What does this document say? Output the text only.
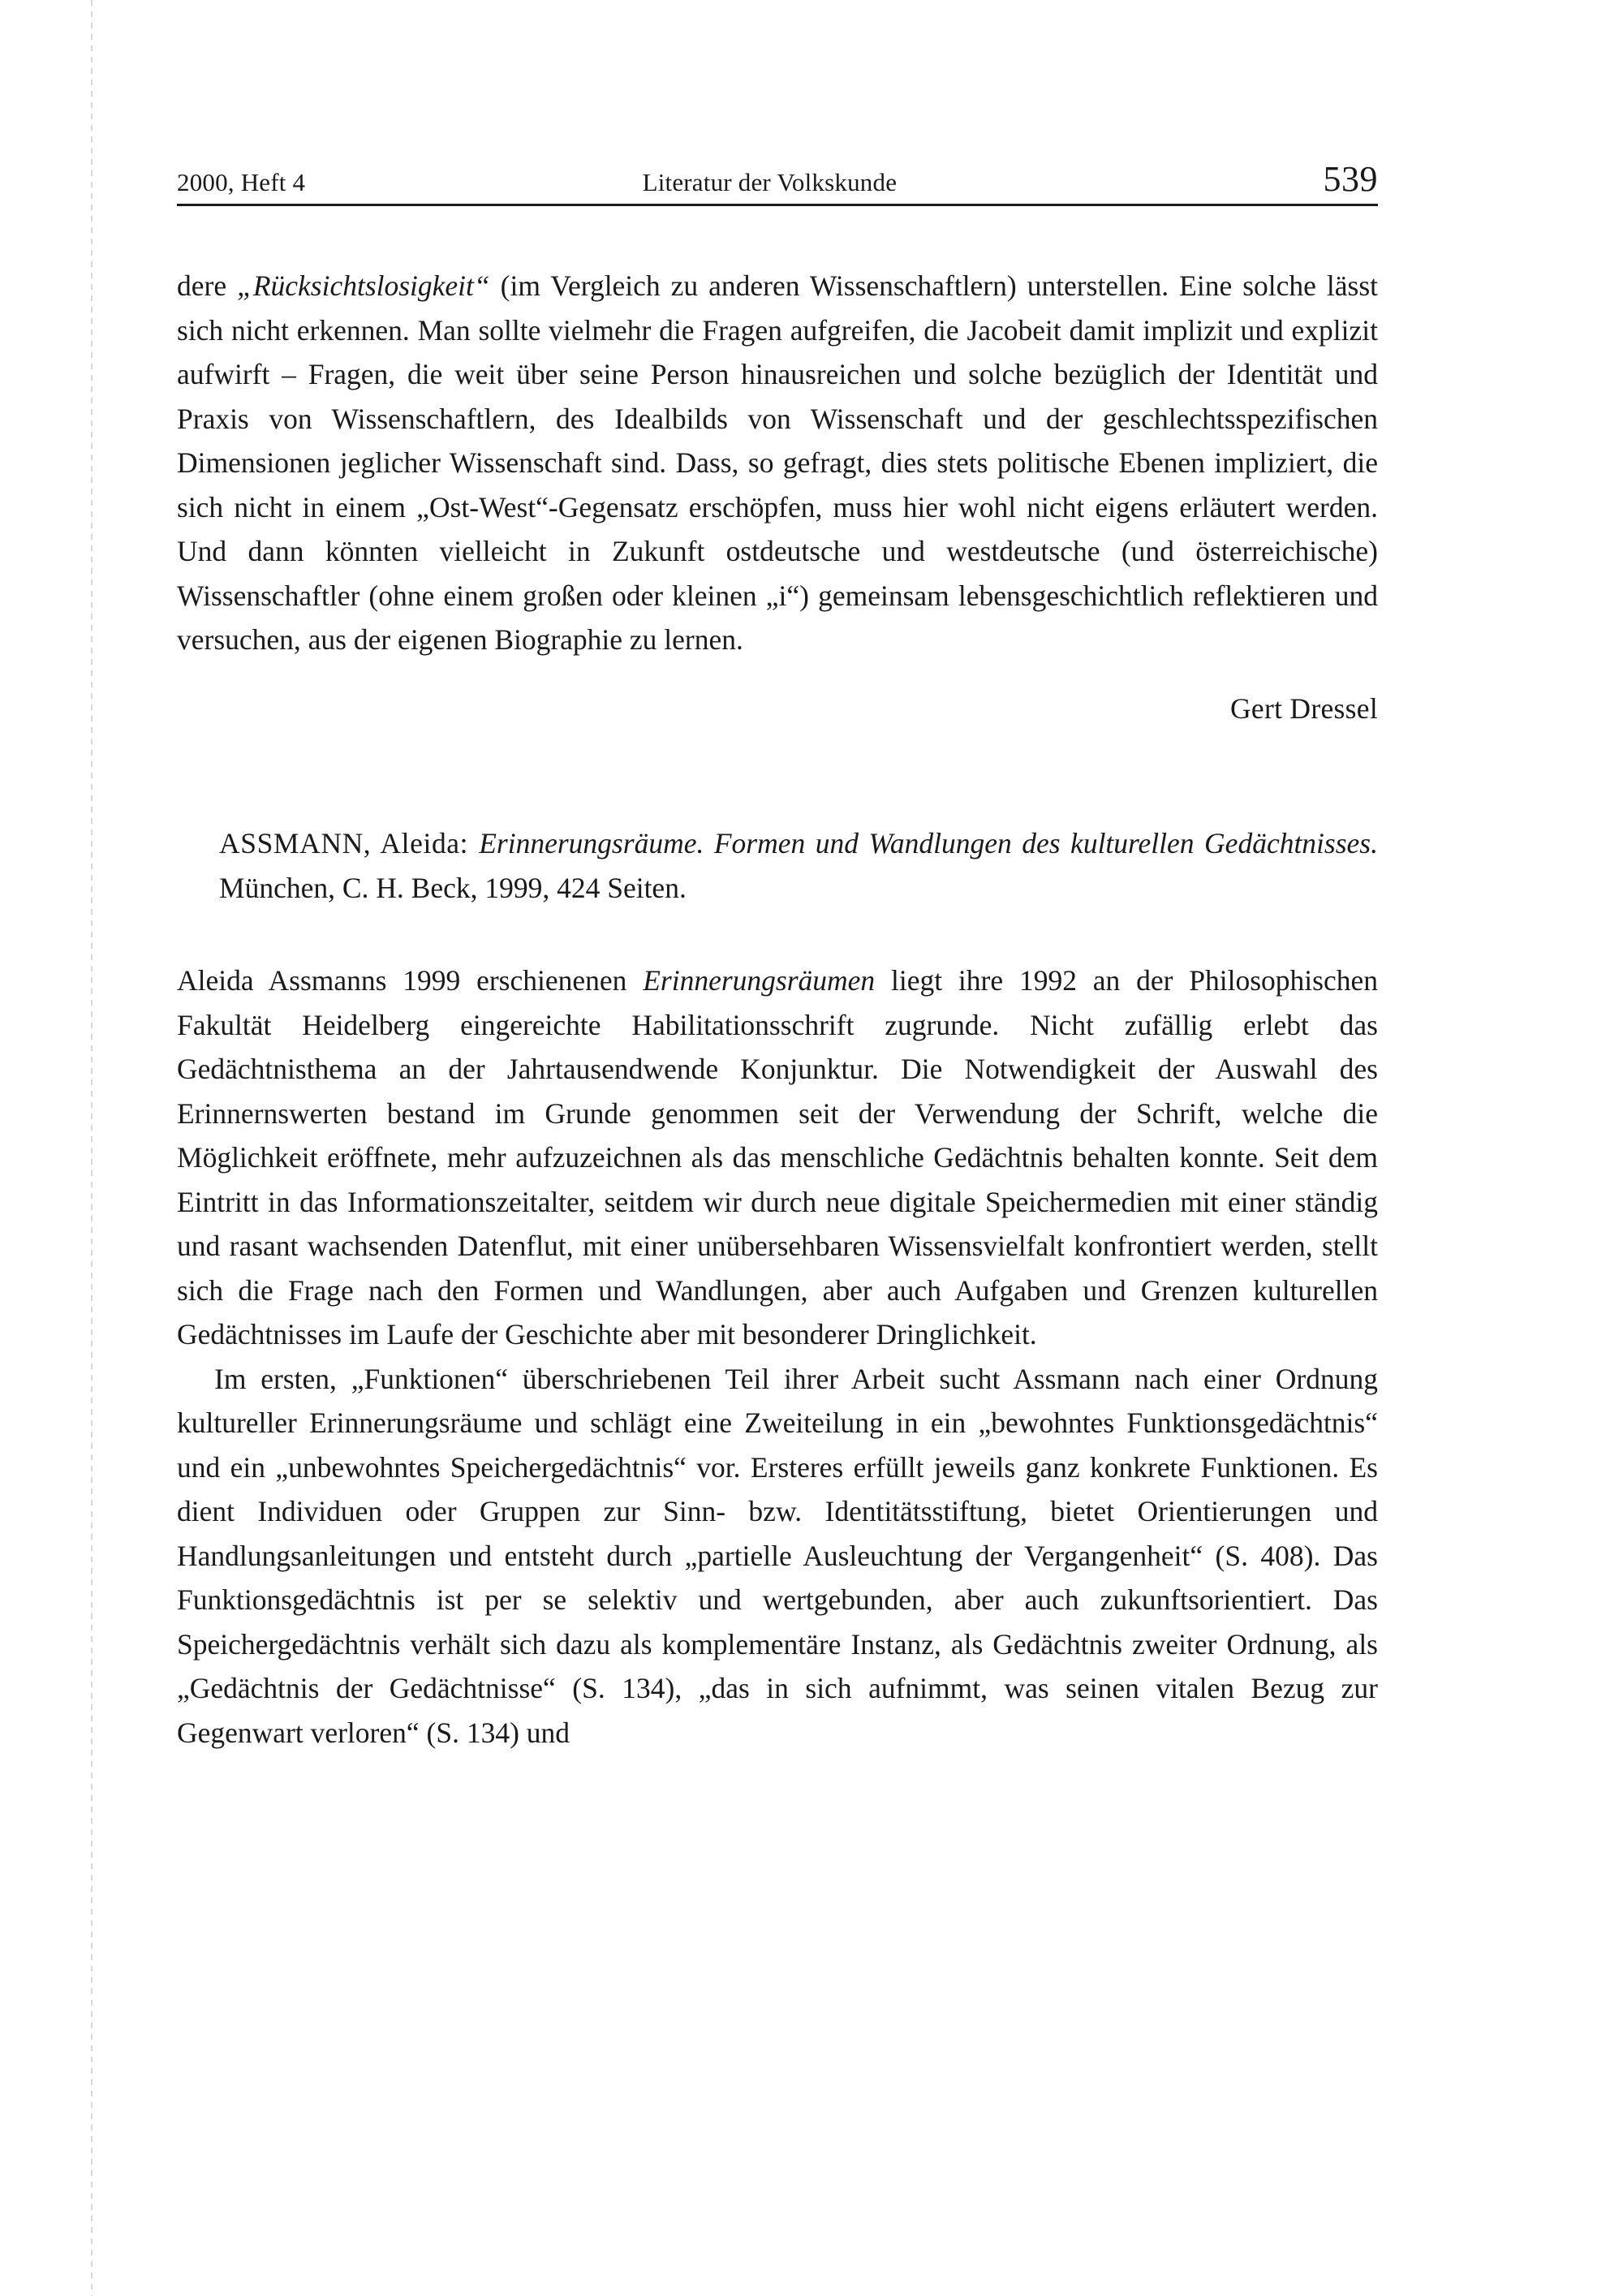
2000, Heft 4	Literatur der Volkskunde	539

dere „Rücksichtslosigkeit“ (im Vergleich zu anderen Wissenschaftlern) unterstellen. Eine solche lässt sich nicht erkennen. Man sollte vielmehr die Fragen aufgreifen, die Jacobeit damit implizit und explizit aufwirft – Fragen, die weit über seine Person hinausreichen und solche bezüglich der Identität und Praxis von Wissenschaftlern, des Idealbilds von Wissenschaft und der geschlechtsspezifischen Dimensionen jeglicher Wissenschaft sind. Dass, so gefragt, dies stets politische Ebenen impliziert, die sich nicht in einem „Ost-West“-Gegensatz erschöpfen, muss hier wohl nicht eigens erläutert werden. Und dann könnten vielleicht in Zukunft ostdeutsche und westdeutsche (und österreichische) Wissenschaftler (ohne einem großen oder kleinen „i“) gemeinsam lebensgeschichtlich reflektieren und versuchen, aus der eigenen Biographie zu lernen.

Gert Dressel
ASSMANN, Aleida: Erinnerungsräume. Formen und Wandlungen des kulturellen Gedächtnisses. München, C. H. Beck, 1999, 424 Seiten.

Aleida Assmanns 1999 erschienenen Erinnerungsräumen liegt ihre 1992 an der Philosophischen Fakultät Heidelberg eingereichte Habilitationsschrift zugrunde. Nicht zufällig erlebt das Gedächtnisthema an der Jahrtausendwende Konjunktur. Die Notwendigkeit der Auswahl des Erinnernswerten bestand im Grunde genommen seit der Verwendung der Schrift, welche die Möglichkeit eröffnete, mehr aufzuzeichnen als das menschliche Gedächtnis behalten konnte. Seit dem Eintritt in das Informationszeitalter, seitdem wir durch neue digitale Speichermedien mit einer ständig und rasant wachsenden Datenflut, mit einer unübersehbaren Wissensvielfalt konfrontiert werden, stellt sich die Frage nach den Formen und Wandlungen, aber auch Aufgaben und Grenzen kulturellen Gedächtnisses im Laufe der Geschichte aber mit besonderer Dringlichkeit.

Im ersten, „Funktionen“ überschriebenen Teil ihrer Arbeit sucht Assmann nach einer Ordnung kultureller Erinnerungsräume und schlägt eine Zweiteilung in ein „bewohntes Funktionsgedächtnis“ und ein „unbewohntes Speichergedächtnis“ vor. Ersteres erfüllt jeweils ganz konkrete Funktionen. Es dient Individuen oder Gruppen zur Sinn- bzw. Identitätsstiftung, bietet Orientierungen und Handlungsanleitungen und entsteht durch „partielle Ausleuchtung der Vergangenheit“ (S. 408). Das Funktionsgedächtnis ist per se selektiv und wertgebunden, aber auch zukunftsorientiert. Das Speichergedächtnis verhält sich dazu als komplementäre Instanz, als Gedächtnis zweiter Ordnung, als „Gedächtnis der Gedächtnisse“ (S. 134), „das in sich aufnimmt, was seinen vitalen Bezug zur Gegenwart verloren“ (S. 134) und
